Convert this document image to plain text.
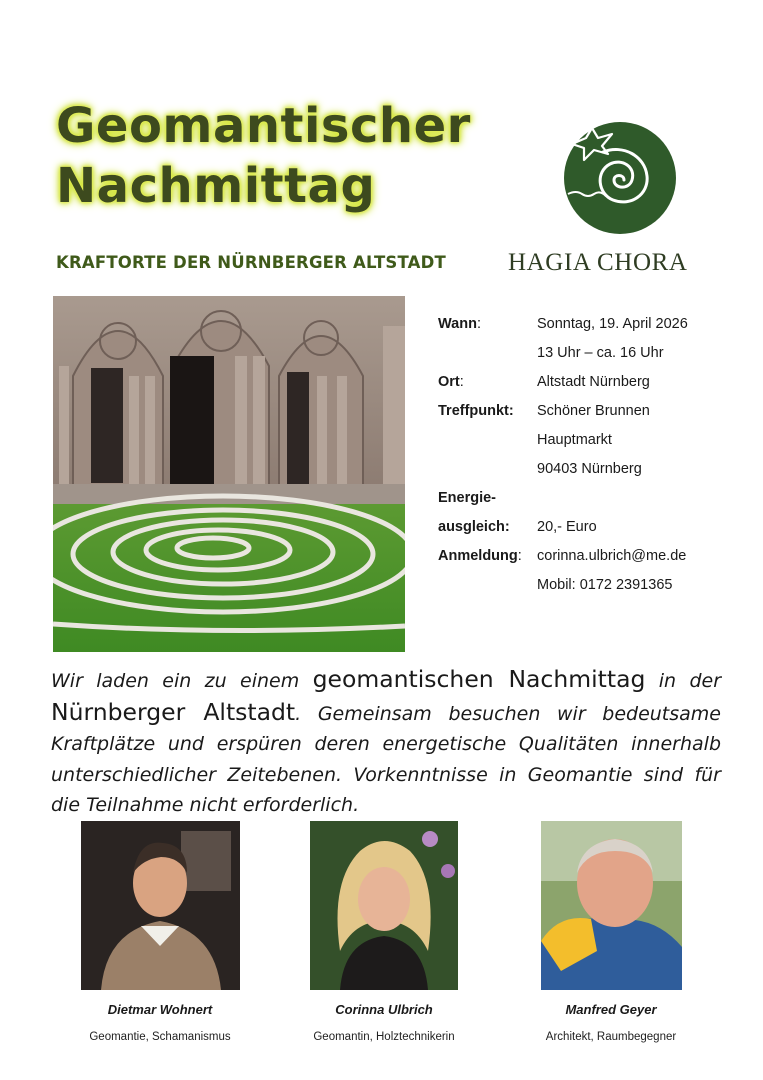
Geomantischer
Nachmittag

KRAFTORTE DER NÜRNBERGER ALTSTADT HAGIA CHORA
Wann:	Sonntag, 19. April 2026
13 Uhr – ca. 16 Uhr
Ort:	Altstadt Nürnberg
Treffpunkt: Schöner Brunnen
Hauptmarkt
90403 Nürnberg
Energie-
ausgleich: 20,- Euro
Anmeldung: corinna.ulbrich@me.de
Mobil: 0172 2391365

Wir laden ein zu einem geomantischen Nachmittag in der Nürnberger Altstadt. Gemeinsam besuchen wir bedeutsame Kraftplätze und erspüren deren energetische Qualitäten innerhalb unterschiedlicher Zeitebenen. Vorkenntnisse in Geomantie sind für die Teilnahme nicht erforderlich.

Dietmar Wohnert
Geomantie, Schamanismus
Corinna Ulbrich
Geomantin, Holztechnikerin
Manfred Geyer
Architekt, Raumbegegner
